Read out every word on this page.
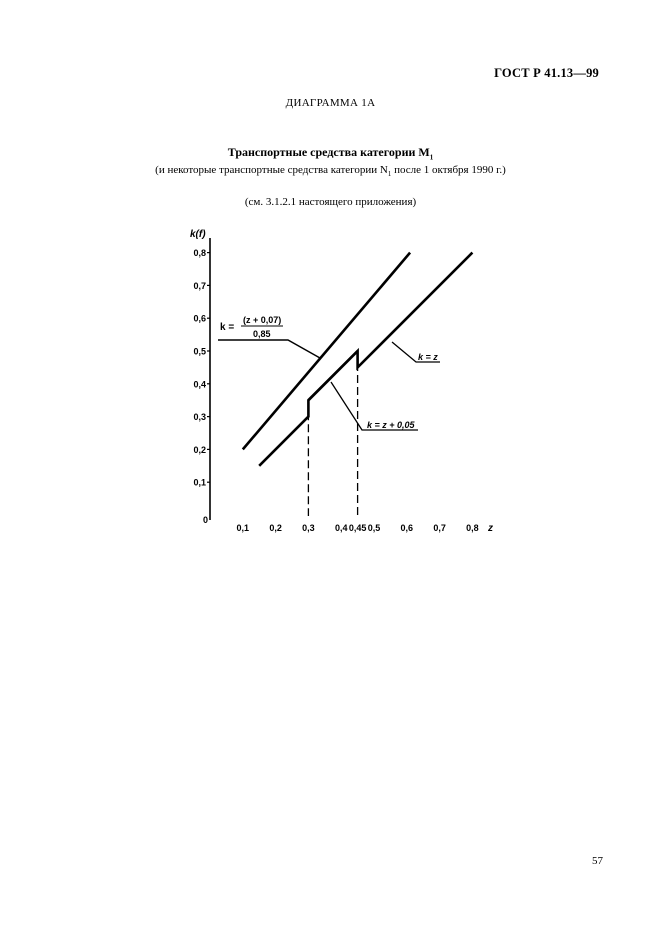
ГОСТ Р 41.13—99
ДИАГРАММА 1А
Транспортные средства категории $M_1$
(и некоторые транспортные средства категории $N_1$ после 1 октября 1990 г.)
(см. 3.1.2.1 настоящего приложения)
0,1
0,2
0,3
0,4
0,5
0,6
0,7
0,8
0,1 0,2 0,3 0,4 0,45 0,5 0,6 0,7 0,8
k(f)
z
0
k =
(z + 0,07)
0,85
k = z
k = z + 0,05
57
